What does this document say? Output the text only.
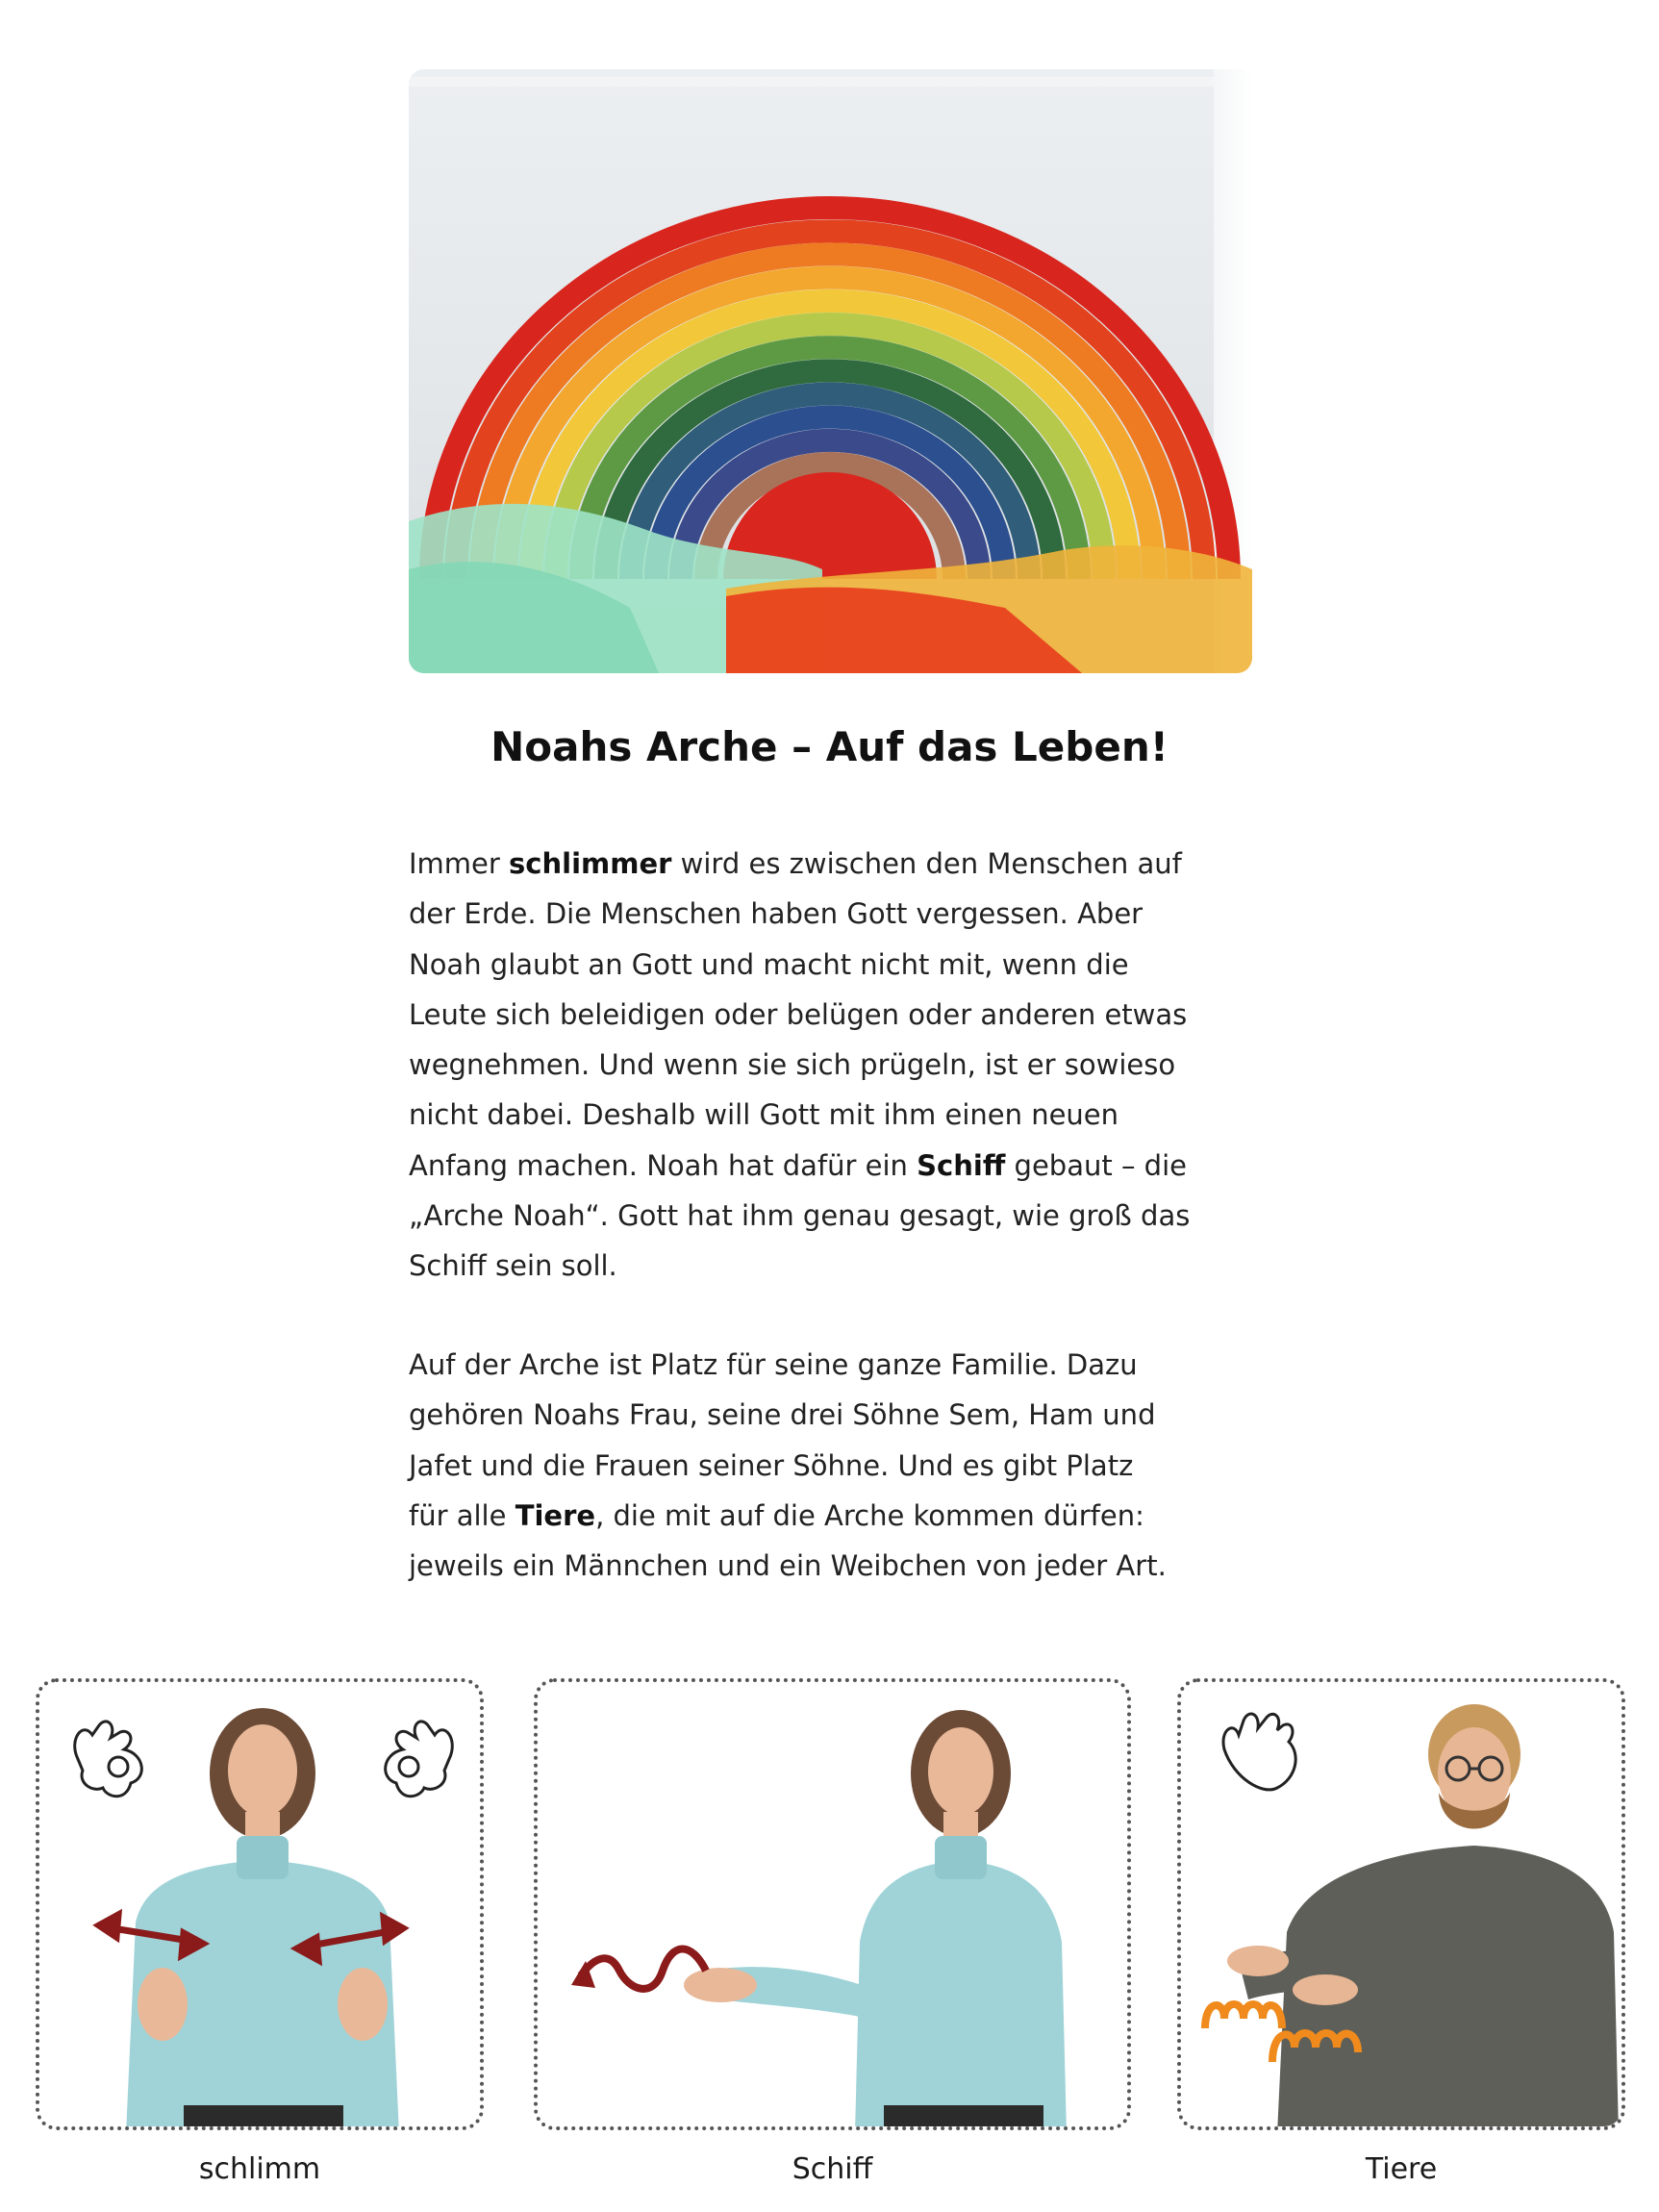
Noahs Arche – Auf das Leben!

Immer schlimmer wird es zwischen den Menschen auf
der Erde. Die Menschen haben Gott vergessen. Aber
Noah glaubt an Gott und macht nicht mit, wenn die
Leute sich beleidigen oder belügen oder anderen etwas
wegnehmen. Und wenn sie sich prügeln, ist er sowieso
nicht dabei. Deshalb will Gott mit ihm einen neuen
Anfang machen. Noah hat dafür ein Schiff gebaut – die
„Arche Noah“. Gott hat ihm genau gesagt, wie groß das
Schiff sein soll.

Auf der Arche ist Platz für seine ganze Familie. Dazu
gehören Noahs Frau, seine drei Söhne Sem, Ham und
Jafet und die Frauen seiner Söhne. Und es gibt Platz
für alle Tiere, die mit auf die Arche kommen dürfen:
jeweils ein Männchen und ein Weibchen von jeder Art.

schlimm	Schiff	Tiere
